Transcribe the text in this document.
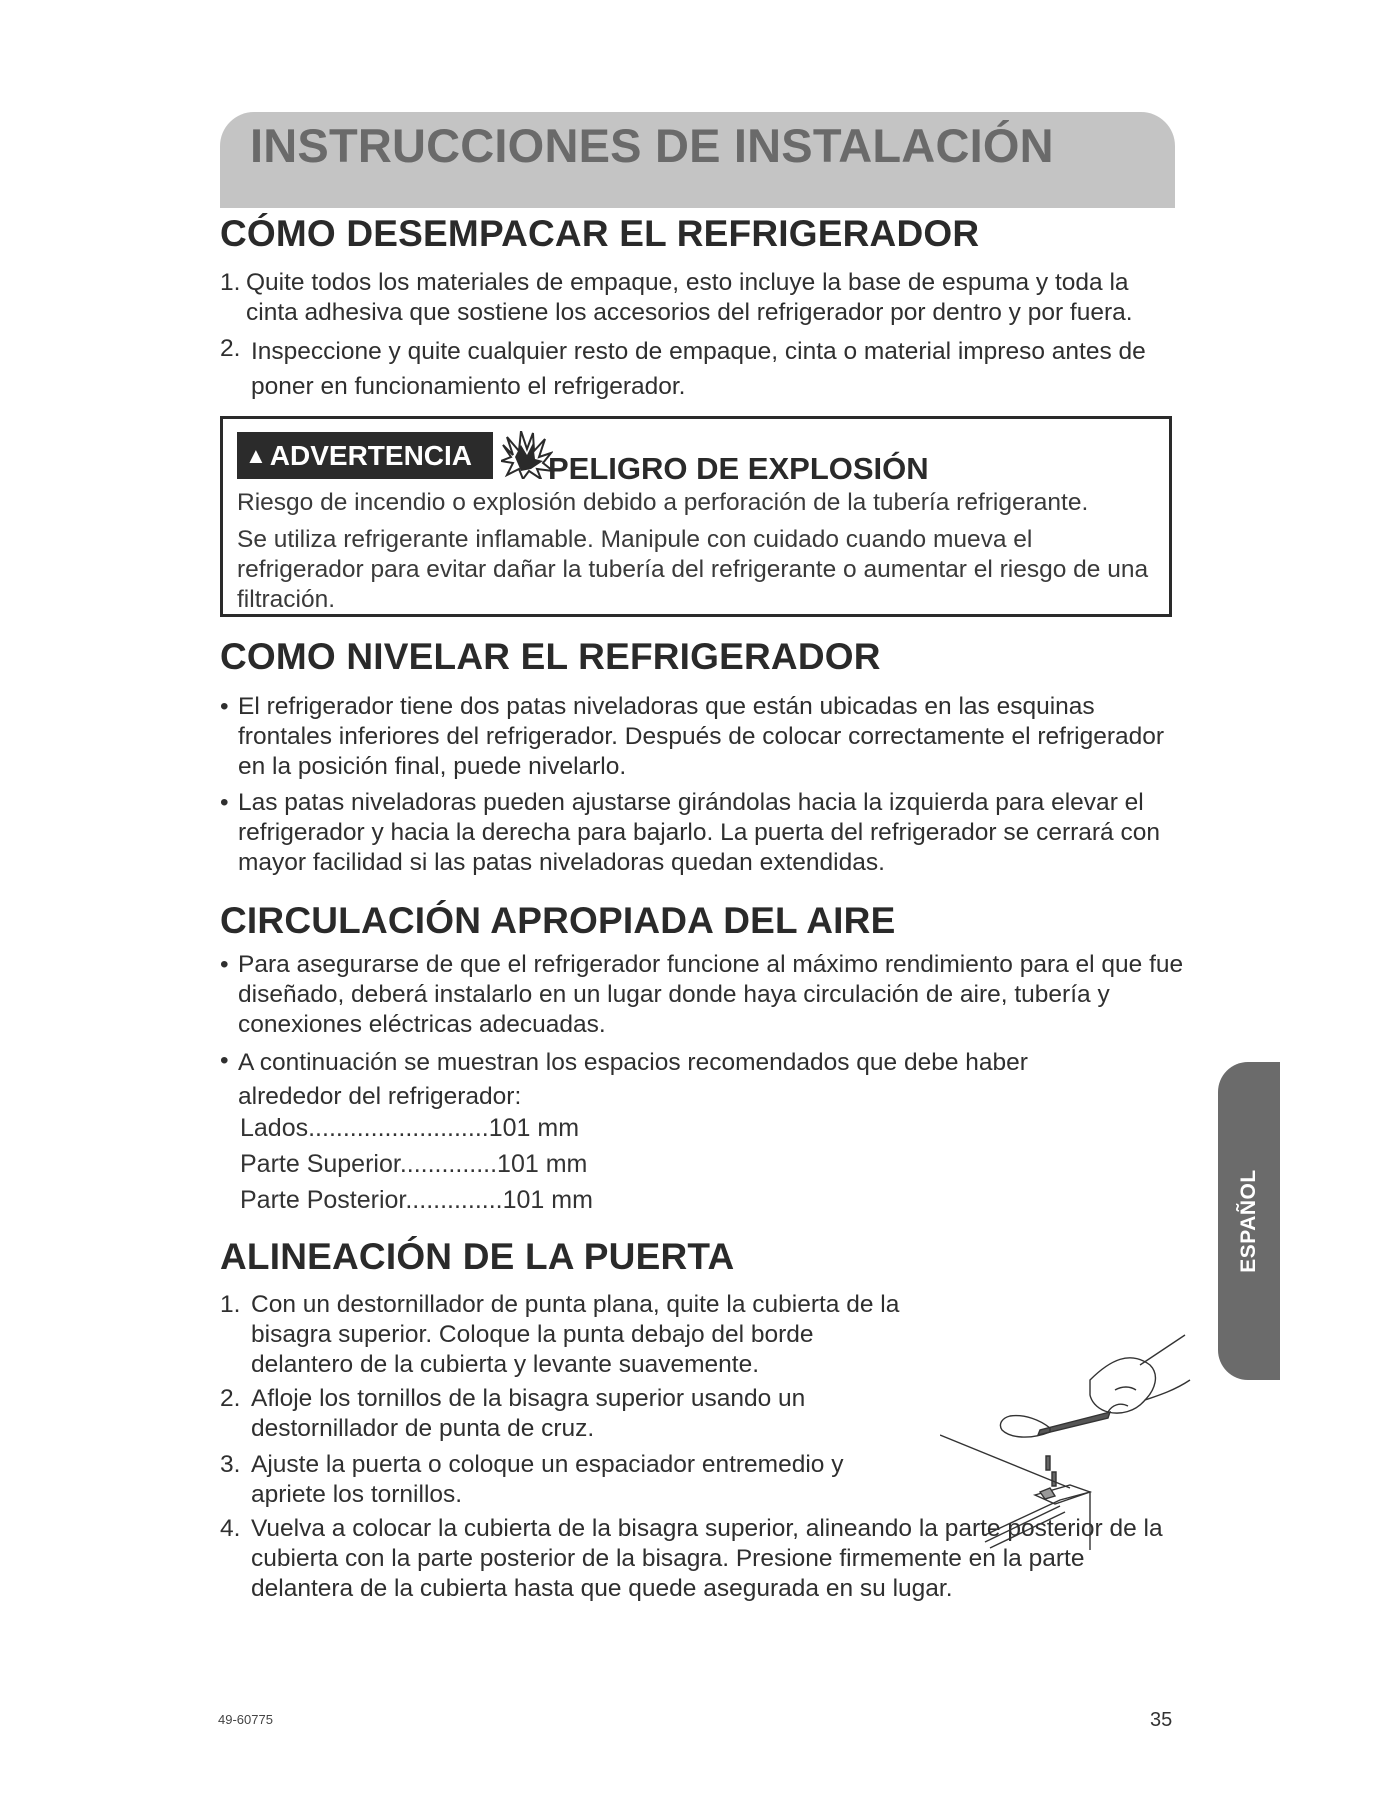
INSTRUCCIONES DE INSTALACIÓN
CÓMO DESEMPACAR EL REFRIGERADOR
1. Quite todos los materiales de empaque, esto incluye la base de espuma y toda la cinta adhesiva que sostiene los accesorios del refrigerador por dentro y por fuera.
2. Inspeccione y quite cualquier resto de empaque, cinta o material impreso antes de poner en funcionamiento el refrigerador.
▲ ADVERTENCIA PELIGRO DE EXPLOSIÓN

Riesgo de incendio o explosión debido a perforación de la tubería refrigerante.

Se utiliza refrigerante inflamable. Manipule con cuidado cuando mueva el refrigerador para evitar dañar la tubería del refrigerante o aumentar el riesgo de una filtración.

COMO NIVELAR EL REFRIGERADOR
• El refrigerador tiene dos patas niveladoras que están ubicadas en las esquinas frontales inferiores del refrigerador. Después de colocar correctamente el refrigerador en la posición final, puede nivelarlo.
• Las patas niveladoras pueden ajustarse girándolas hacia la izquierda para elevar el refrigerador y hacia la derecha para bajarlo. La puerta del refrigerador se cerrará con mayor facilidad si las patas niveladoras quedan extendidas.
CIRCULACIÓN APROPIADA DEL AIRE
• Para asegurarse de que el refrigerador funcione al máximo rendimiento para el que fue diseñado, deberá instalarlo en un lugar donde haya circulación de aire, tubería y conexiones eléctricas adecuadas.
• A continuación se muestran los espacios recomendados que debe haber alrededor del refrigerador:
Lados..........................101 mm
Parte Superior..............101 mm
Parte Posterior..............101 mm
ALINEACIÓN DE LA PUERTA
1. Con un destornillador de punta plana, quite la cubierta de la bisagra superior. Coloque la punta debajo del borde delantero de la cubierta y levante suavemente.
2. Afloje los tornillos de la bisagra superior usando un destornillador de punta de cruz.
3. Ajuste la puerta o coloque un espaciador entremedio y apriete los tornillos.
4. Vuelva a colocar la cubierta de la bisagra superior, alineando la parte posterior de la cubierta con la parte posterior de la bisagra. Presione firmemente en la parte delantera de la cubierta hasta que quede asegurada en su lugar.
ESPAÑOL
49-60775	35
